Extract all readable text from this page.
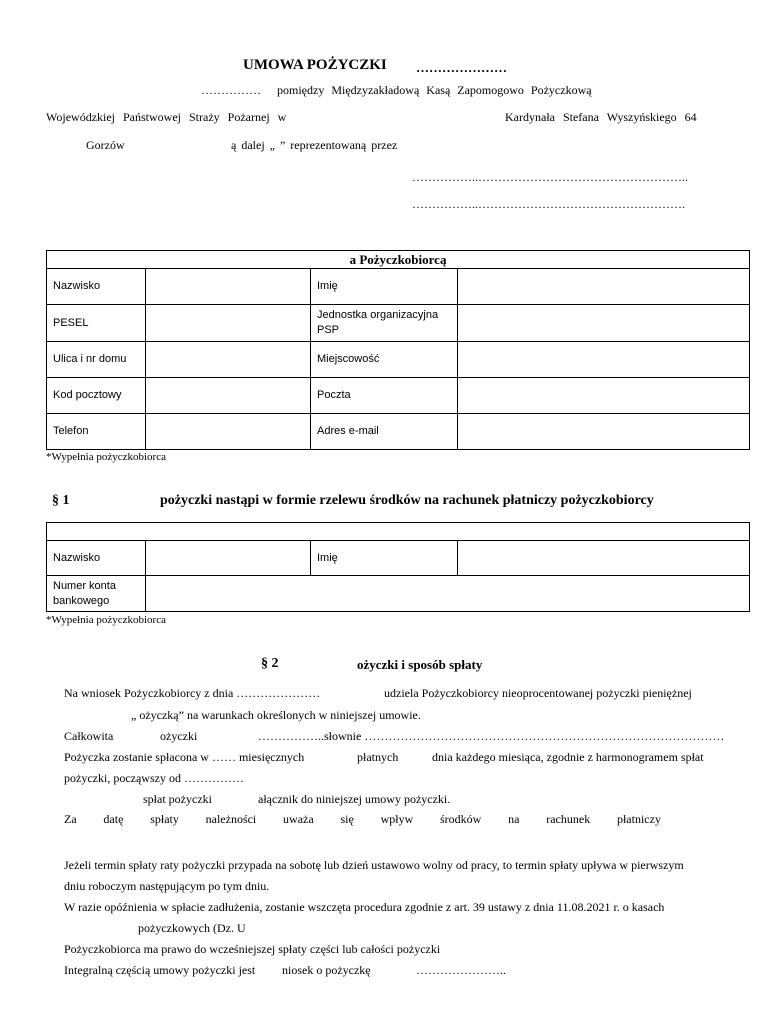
UMOWA POŻYCZKI …………………
…………… pomiędzy Międzyzakładową Kasą Zapomogowo Pożyczkową
Wojewódzkiej Państwowej Straży Pożarnej w	Kardynała Stefana Wyszyńskiego 64
Gorzów	ą dalej „ ” reprezentowaną przez
……………..……………………………………………..
……………..…………………………………………….
a Pożyczkobiorcą			
Nazwisko		Imię	
PESEL		Jednostka organizacyjna PSP	
Ulica i nr domu		Miejscowość	
Kod pocztowy		Poczta	
Telefon		Adres e-mail	
*Wypełnia pożyczkobiorca
§ 1	pożyczki nastąpi w formie rzelewu środków na rachunek płatniczy pożyczkobiorcy

Nazwisko		Imię	
Numer konta bankowego			
*Wypełnia pożyczkobiorca
§ 2	ożyczki i sposób spłaty
Na wniosek Pożyczkobiorcy z dnia …………………	udziela Pożyczkobiorcy nieoprocentowanej pożyczki pieniężnej
„ ożyczką” na warunkach określonych w niniejszej umowie.
Całkowita	ożyczki	……………..słownie ………………………………………………………………………………
Pożyczka zostanie spłacona w …… miesięcznych	płatnych	dnia każdego miesiąca, zgodnie z harmonogramem spłat
pożyczki, począwszy od ……………
spłat pożyczki	ałącznik do niniejszej umowy pożyczki.
Za datę spłaty należności uważa się wpływ środków na rachunek płatniczy
Jeżeli termin spłaty raty pożyczki przypada na sobotę lub dzień ustawowo wolny od pracy, to termin spłaty upływa w pierwszym
dniu roboczym następującym po tym dniu.
W razie opóźnienia w spłacie zadłużenia, zostanie wszczęta procedura zgodnie z art. 39 ustawy z dnia 11.08.2021 r. o kasach
pożyczkowych (Dz. U
Pożyczkobiorca ma prawo do wcześniejszej spłaty części lub całości pożyczki
Integralną częścią umowy pożyczki jest niosek o pożyczkę	…………………..
